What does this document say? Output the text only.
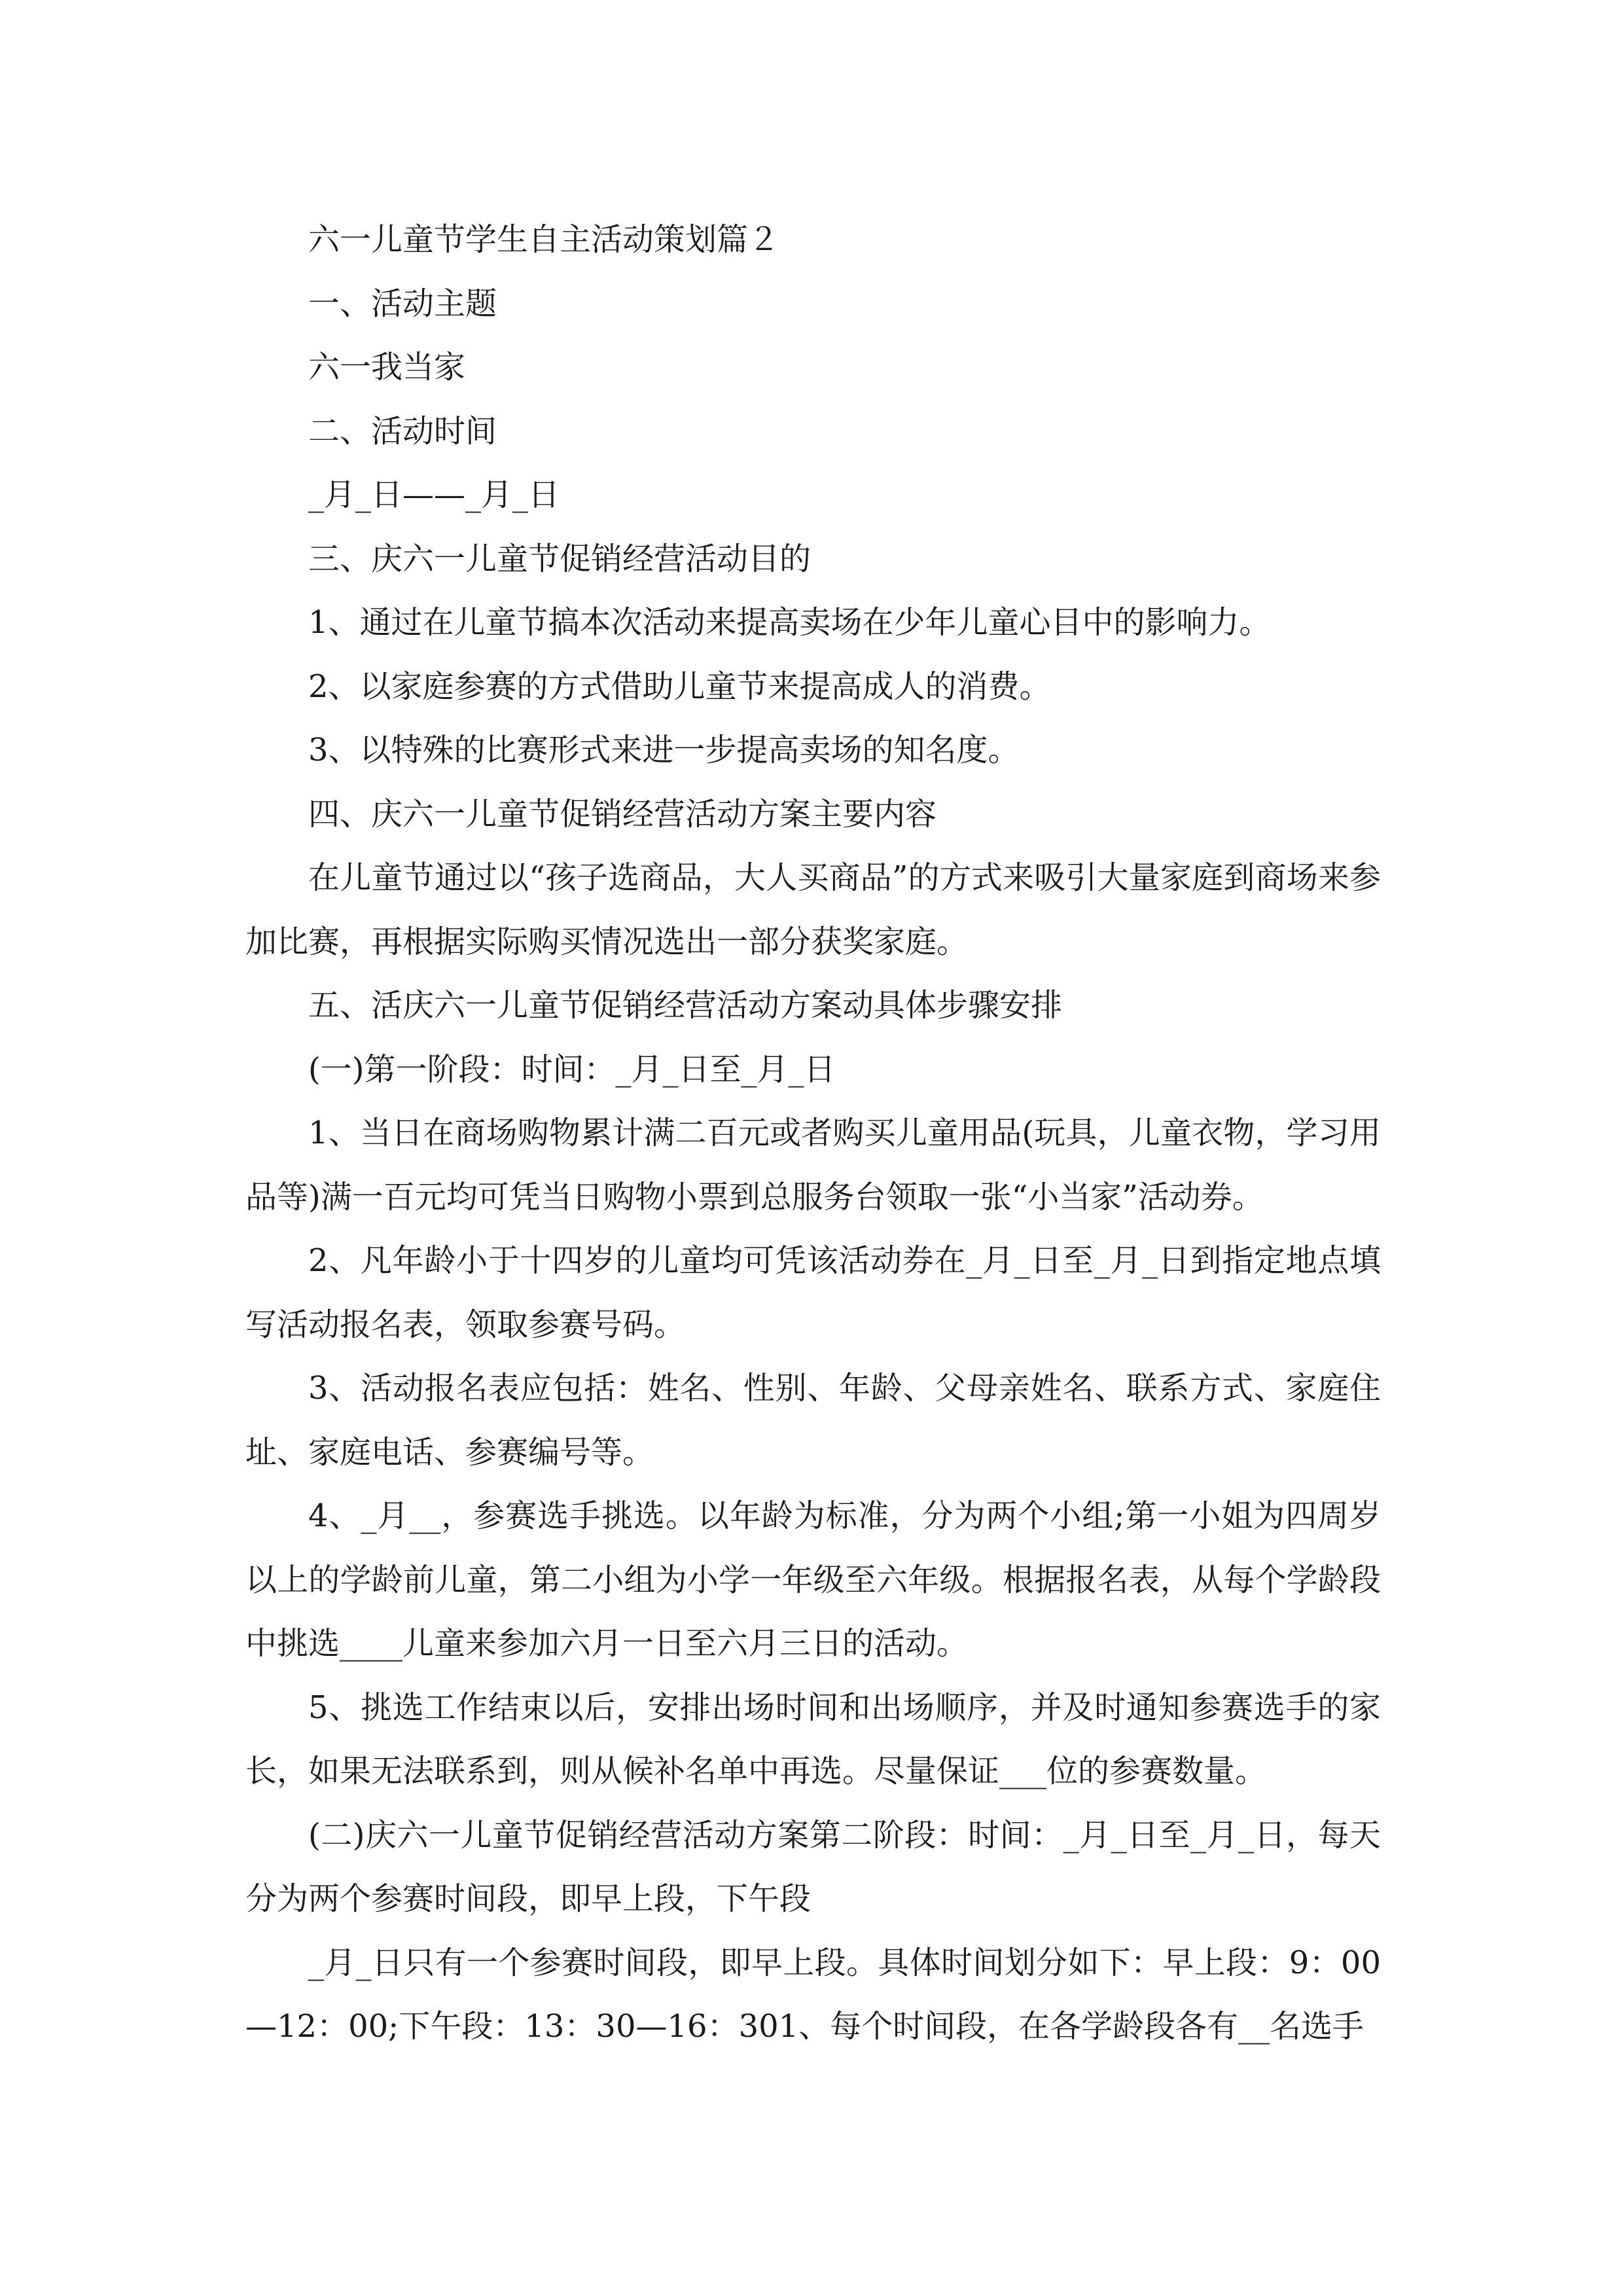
六一儿童节学生自主活动策划篇２

一、活动主题

六一我当家

二、活动时间

_月_日——_月_日

三、庆六一儿童节促销经营活动目的

1、通过在儿童节搞本次活动来提高卖场在少年儿童心目中的影响力。

2、以家庭参赛的方式借助儿童节来提高成人的消费。

3、以特殊的比赛形式来进一步提高卖场的知名度。

四、庆六一儿童节促销经营活动方案主要内容

在儿童节通过以“孩子选商品，大人买商品”的方式来吸引大量家庭到商场来参加比赛，再根据实际购买情况选出一部分获奖家庭。

五、活庆六一儿童节促销经营活动方案动具体步骤安排

(一)第一阶段：时间：_月_日至_月_日

1、当日在商场购物累计满二百元或者购买儿童用品(玩具，儿童衣物，学习用品等)满一百元均可凭当日购物小票到总服务台领取一张“小当家”活动券。

2、凡年龄小于十四岁的儿童均可凭该活动券在_月_日至_月_日到指定地点填写活动报名表，领取参赛号码。

3、活动报名表应包括：姓名、性别、年龄、父母亲姓名、联系方式、家庭住址、家庭电话、参赛编号等。

4、_月__，参赛选手挑选。以年龄为标准，分为两个小组;第一小姐为四周岁以上的学龄前儿童，第二小组为小学一年级至六年级。根据报名表，从每个学龄段中挑选____儿童来参加六月一日至六月三日的活动。

5、挑选工作结束以后，安排出场时间和出场顺序，并及时通知参赛选手的家长，如果无法联系到，则从候补名单中再选。尽量保证___位的参赛数量。

(二)庆六一儿童节促销经营活动方案第二阶段：时间：_月_日至_月_日，每天分为两个参赛时间段，即早上段，下午段

_月_日只有一个参赛时间段，即早上段。具体时间划分如下：早上段：9：00—12：00;下午段：13：30—16：301、每个时间段，在各学龄段各有__名选手
